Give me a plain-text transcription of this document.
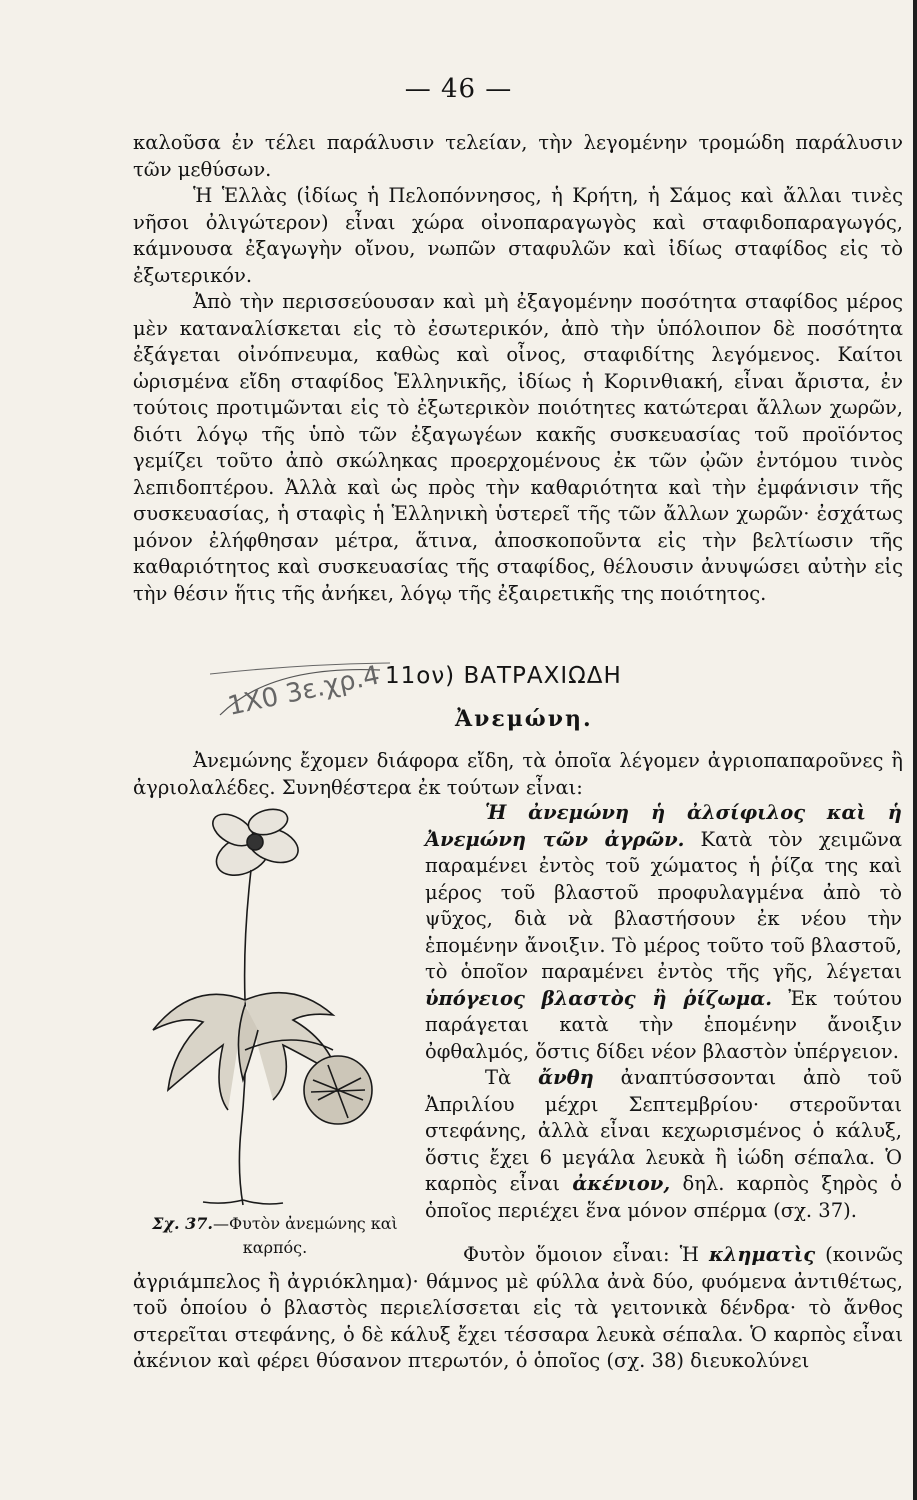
— 46 —

καλοῦσα ἐν τέλει παράλυσιν τελείαν, τὴν λεγομένην τρομώδη παράλυσιν τῶν μεθύσων.

Ἡ Ἑλλὰς (ἰδίως ἡ Πελοπόννησος, ἡ Κρήτη, ἡ Σάμος καὶ ἄλλαι τινὲς νῆσοι ὀλιγώτερον) εἶναι χώρα οἰνοπαραγωγὸς καὶ σταφιδοπαραγωγός, κάμνουσα ἐξαγωγὴν οἴνου, νωπῶν σταφυλῶν καὶ ἰδίως σταφίδος εἰς τὸ ἐξωτερικόν.

Ἀπὸ τὴν περισσεύουσαν καὶ μὴ ἐξαγομένην ποσότητα σταφίδος μέρος μὲν καταναλίσκεται εἰς τὸ ἐσωτερικόν, ἀπὸ τὴν ὑπόλοιπον δὲ ποσότητα ἐξάγεται οἰνόπνευμα, καθὼς καὶ οἶνος, σταφιδίτης λεγόμενος. Καίτοι ὡρισμένα εἴδη σταφίδος Ἑλληνικῆς, ἰδίως ἡ Κορινθιακή, εἶναι ἄριστα, ἐν τούτοις προτιμῶνται εἰς τὸ ἐξωτερικὸν ποιότητες κατώτεραι ἄλλων χωρῶν, διότι λόγῳ τῆς ὑπὸ τῶν ἐξαγωγέων κακῆς συσκευασίας τοῦ προϊόντος γεμίζει τοῦτο ἀπὸ σκώληκας προερχομένους ἐκ τῶν ᾠῶν ἐντόμου τινὸς λεπιδοπτέρου. Ἀλλὰ καὶ ὡς πρὸς τὴν καθαριότητα καὶ τὴν ἐμφάνισιν τῆς συσκευασίας, ἡ σταφὶς ἡ Ἑλληνικὴ ὑστερεῖ τῆς τῶν ἄλλων χωρῶν· ἐσχάτως μόνον ἐλήφθησαν μέτρα, ἅτινα, ἀποσκοποῦντα εἰς τὴν βελτίωσιν τῆς καθαριότητος καὶ συσκευασίας τῆς σταφίδος, θέλουσιν ἀνυψώσει αὐτὴν εἰς τὴν θέσιν ἥτις τῆς ἀνήκει, λόγῳ τῆς ἐξαιρετικῆς της ποιότητος.

1Χ0 3ε.χρ.4 11ον) ΒΑΤΡΑΧΙΩΔΗ
Ἀνεμώνη.

Ἀνεμώνης ἔχομεν διάφορα εἴδη, τὰ ὁποῖα λέγομεν ἀγριοπαπαροῦνες ἢ ἀγριολαλέδες. Συνηθέστερα ἐκ τούτων εἶναι:

Σχ. 37.—Φυτὸν ἀνεμώνης καὶ καρπός.

Ἡ ἀνεμώνη ἡ ἀλσίφιλος καὶ ἡ Ἀνεμώνη τῶν ἀγρῶν. Κατὰ τὸν χειμῶνα παραμένει ἐντὸς τοῦ χώματος ἡ ῥίζα της καὶ μέρος τοῦ βλαστοῦ προφυλαγμένα ἀπὸ τὸ ψῦχος, διὰ νὰ βλαστήσουν ἐκ νέου τὴν ἑπομένην ἄνοιξιν. Τὸ μέρος τοῦτο τοῦ βλαστοῦ, τὸ ὁποῖον παραμένει ἐντὸς τῆς γῆς, λέγεται ὑπόγειος βλαστὸς ἢ ῥίζωμα. Ἐκ τούτου παράγεται κατὰ τὴν ἑπομένην ἄνοιξιν ὀφθαλμός, ὅστις δίδει νέον βλαστὸν ὑπέργειον.

Τὰ ἄνθη ἀναπτύσσονται ἀπὸ τοῦ Ἀπριλίου μέχρι Σεπτεμβρίου· στεροῦνται στεφάνης, ἀλλὰ εἶναι κεχωρισμένος ὁ κάλυξ, ὅστις ἔχει 6 μεγάλα λευκὰ ἢ ἰώδη σέπαλα. Ὁ καρπὸς εἶναι ἀκένιον, δηλ. καρπὸς ξηρὸς ὁ ὁποῖος περιέχει ἕνα μόνον σπέρμα (σχ. 37).

Φυτὸν ὅμοιον εἶναι: Ἡ κληματὶς (κοινῶς ἀγριάμπελος ἢ ἀγριόκλημα)· θάμνος μὲ φύλλα ἀνὰ δύο, φυόμενα ἀντιθέτως, τοῦ ὁποίου ὁ βλαστὸς περιελίσσεται εἰς τὰ γειτονικὰ δένδρα· τὸ ἄνθος στερεῖται στεφάνης, ὁ δὲ κάλυξ ἔχει τέσσαρα λευκὰ σέπαλα. Ὁ καρπὸς εἶναι ἀκένιον καὶ φέρει θύσανον πτερωτόν, ὁ ὁποῖος (σχ. 38) διευκολύνει
